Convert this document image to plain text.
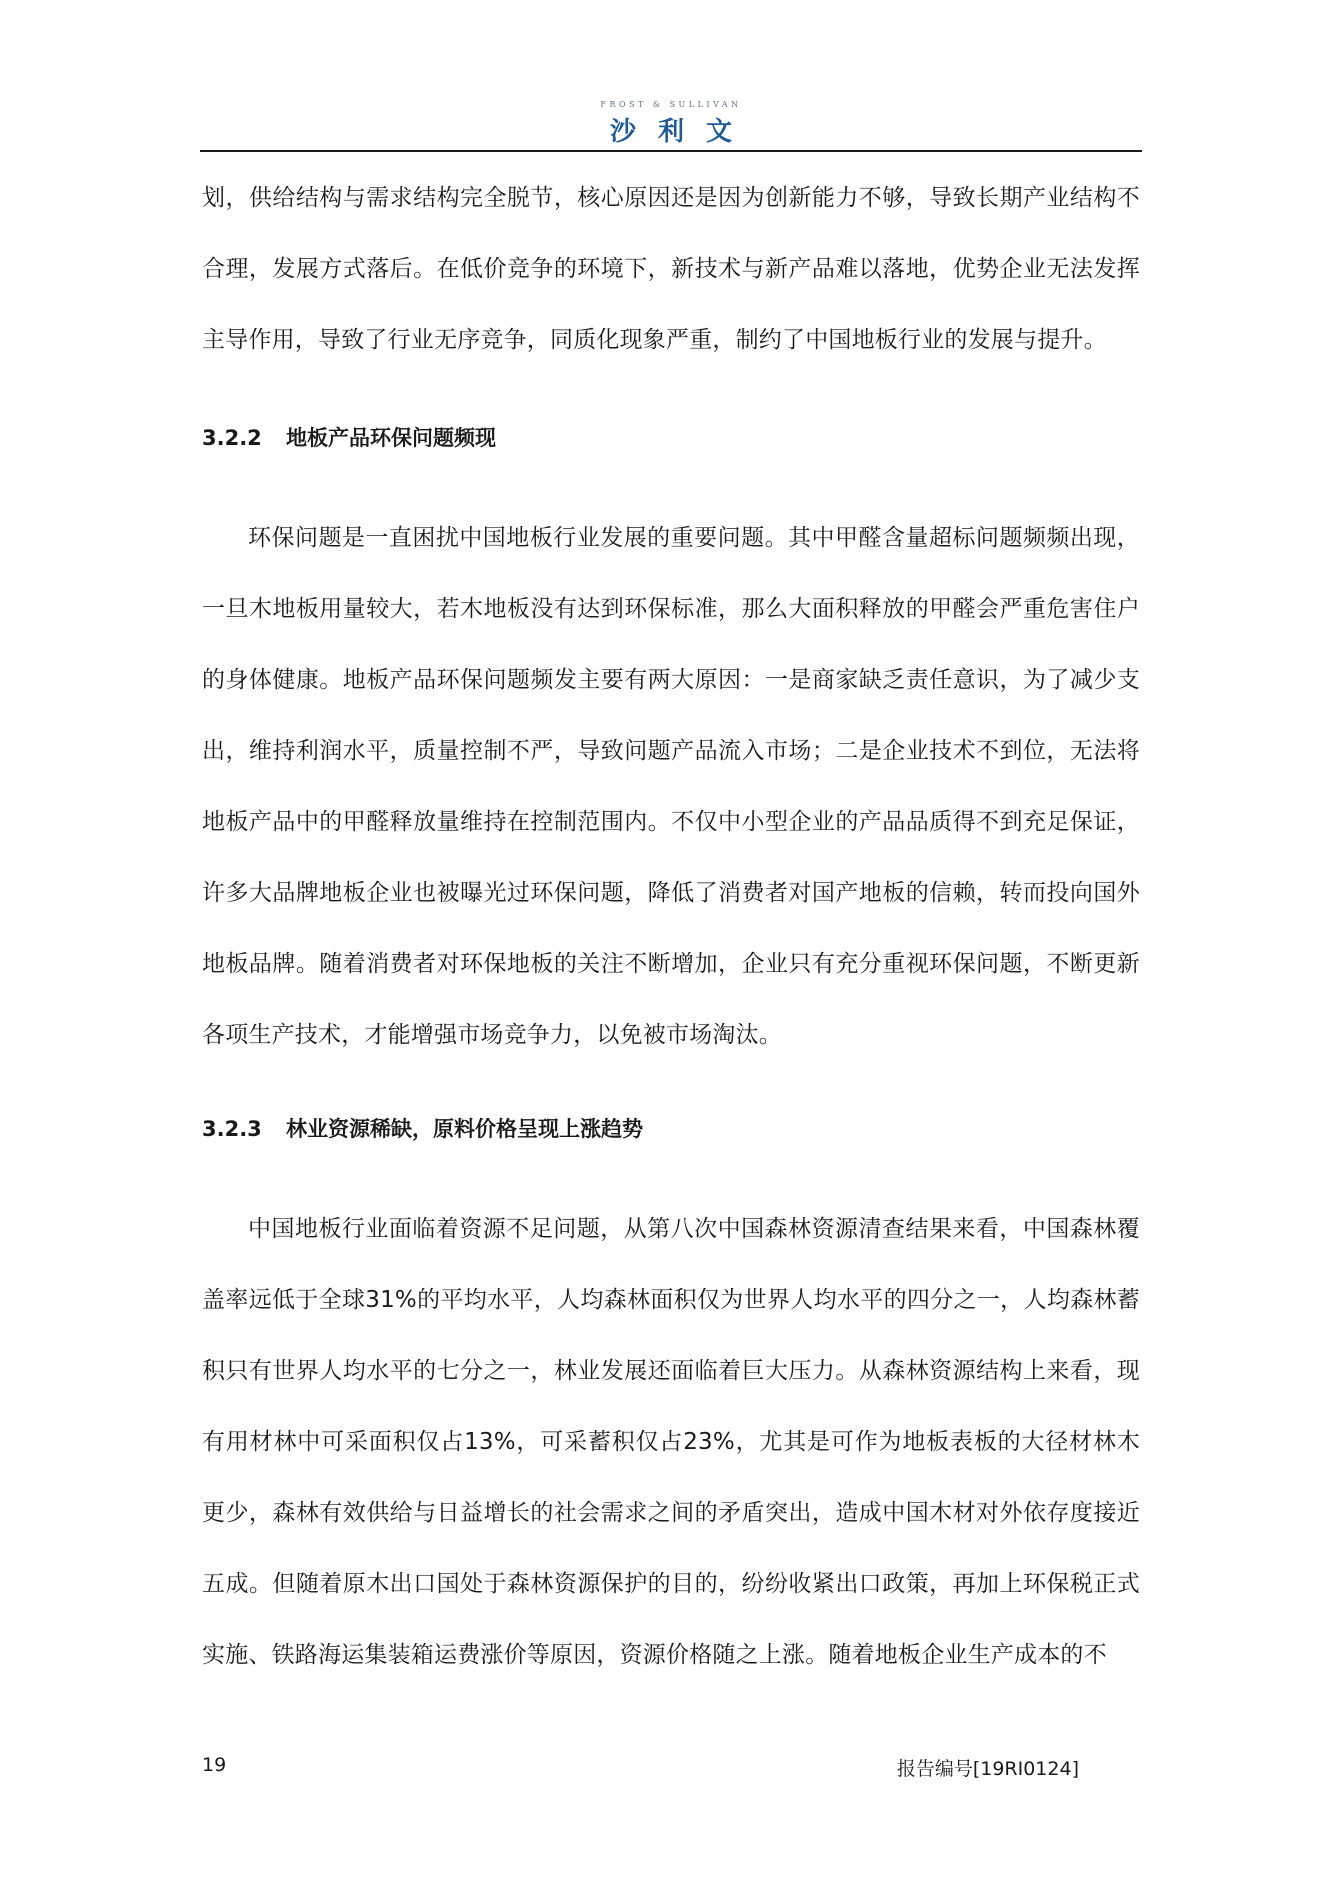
FROST & SULLIVAN
沙利文

划，供给结构与需求结构完全脱节，核心原因还是因为创新能力不够，导致长期产业结构不合理，发展方式落后。在低价竞争的环境下，新技术与新产品难以落地，优势企业无法发挥主导作用，导致了行业无序竞争，同质化现象严重，制约了中国地板行业的发展与提升。

3.2.2 地板产品环保问题频现

环保问题是一直困扰中国地板行业发展的重要问题。其中甲醛含量超标问题频频出现，一旦木地板用量较大，若木地板没有达到环保标准，那么大面积释放的甲醛会严重危害住户的身体健康。地板产品环保问题频发主要有两大原因：一是商家缺乏责任意识，为了减少支出，维持利润水平，质量控制不严，导致问题产品流入市场；二是企业技术不到位，无法将地板产品中的甲醛释放量维持在控制范围内。不仅中小型企业的产品品质得不到充足保证，许多大品牌地板企业也被曝光过环保问题，降低了消费者对国产地板的信赖，转而投向国外地板品牌。随着消费者对环保地板的关注不断增加，企业只有充分重视环保问题，不断更新各项生产技术，才能增强市场竞争力，以免被市场淘汰。

3.2.3 林业资源稀缺，原料价格呈现上涨趋势

中国地板行业面临着资源不足问题，从第八次中国森林资源清查结果来看，中国森林覆盖率远低于全球31%的平均水平，人均森林面积仅为世界人均水平的四分之一，人均森林蓄积只有世界人均水平的七分之一，林业发展还面临着巨大压力。从森林资源结构上来看，现有用材林中可采面积仅占13%，可采蓄积仅占23%，尤其是可作为地板表板的大径材林木更少，森林有效供给与日益增长的社会需求之间的矛盾突出，造成中国木材对外依存度接近五成。但随着原木出口国处于森林资源保护的目的，纷纷收紧出口政策，再加上环保税正式实施、铁路海运集装箱运费涨价等原因，资源价格随之上涨。随着地板企业生产成本的不

19	报告编号[19RI0124]
